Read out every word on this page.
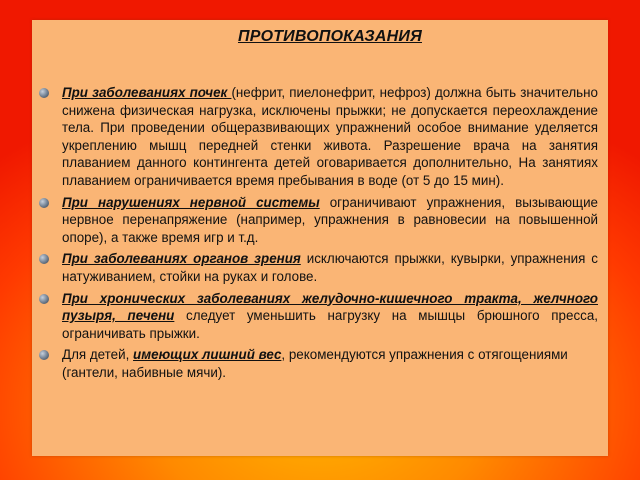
ПРОТИВОПОКАЗАНИЯ
При заболеваниях почек (нефрит, пиелонефрит, нефроз) должна быть значительно снижена физическая нагрузка, исключены прыжки; не допускается переохлаждение тела. При проведении общеразвивающих упражнений особое внимание уделяется укреплению мышц передней стенки живота. Разрешение врача на занятия плаванием данного контингента детей оговаривается дополнительно, На занятиях плаванием ограничивается время пребывания в воде (от 5 до 15 мин).
При нарушениях нервной системы ограничивают упражнения, вызывающие нервное перенапряжение (например, упражнения в равновесии на повышенной опоре), а также время игр и т.д.
При заболеваниях органов зрения исключаются прыжки, кувырки, упражнения с натуживанием, стойки на руках и голове.
При хронических заболеваниях желудочно-кишечного тракта, желчного пузыря, печени следует уменьшить нагрузку на мышцы брюшного пресса, ограничивать прыжки.
Для детей, имеющих лишний вес, рекомендуются упражнения с отягощениями (гантели, набивные мячи).
